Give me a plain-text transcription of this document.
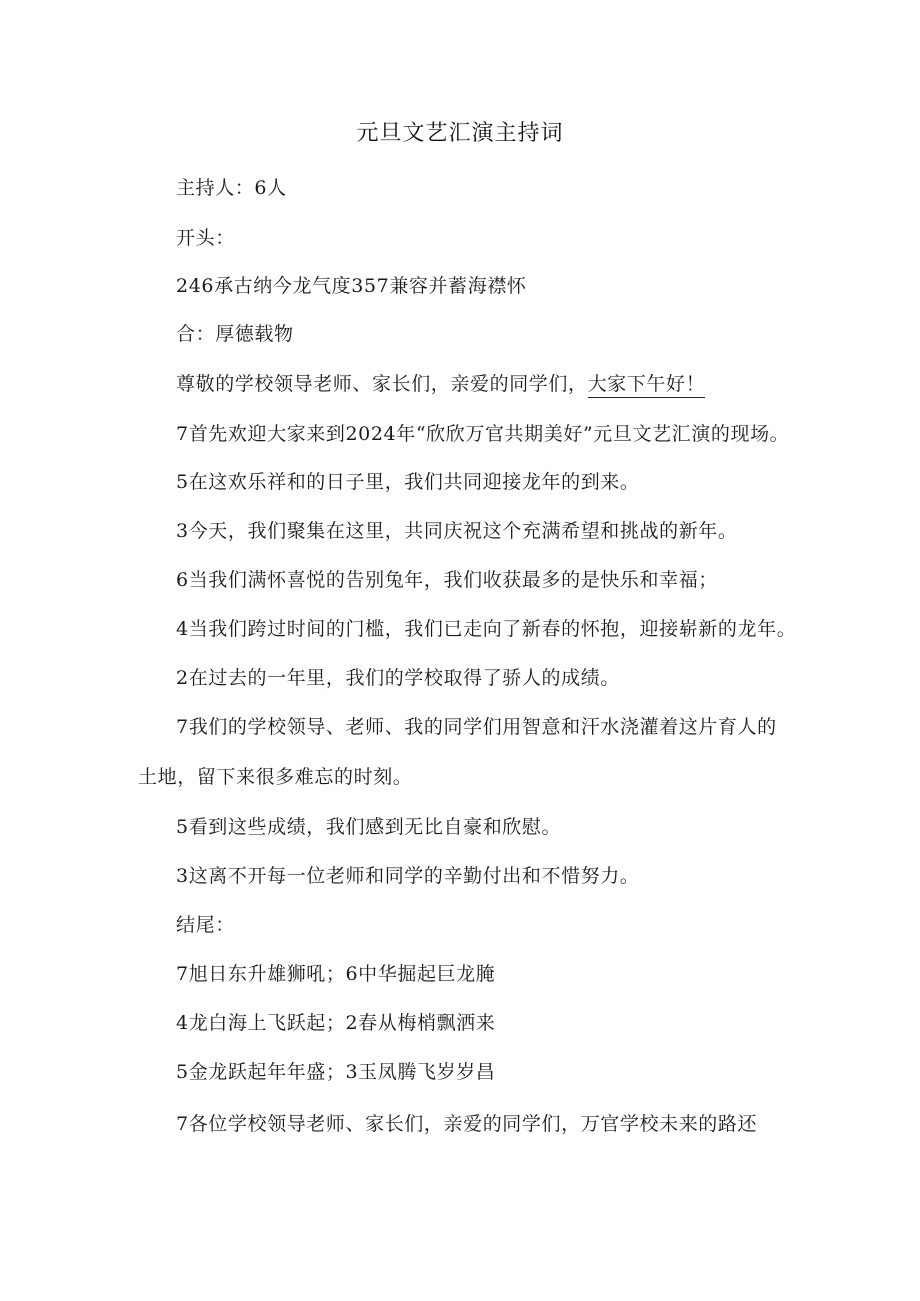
元旦文艺汇演主持词
主持人：6人
开头：
246承古纳今龙气度357兼容并蓄海襟怀
合：厚德载物
尊敬的学校领导老师、家长们，亲爱的同学们，大家下午好！
7首先欢迎大家来到2024年“欣欣万官共期美好”元旦文艺汇演的现场。
5在这欢乐祥和的日子里，我们共同迎接龙年的到来。
3今天，我们聚集在这里，共同庆祝这个充满希望和挑战的新年。
6当我们满怀喜悦的告别兔年，我们收获最多的是快乐和幸福；
4当我们跨过时间的门槛，我们已走向了新春的怀抱，迎接崭新的龙年。
2在过去的一年里，我们的学校取得了骄人的成绩。
7我们的学校领导、老师、我的同学们用智意和汗水浇灌着这片育人的
土地，留下来很多难忘的时刻。
5看到这些成绩，我们感到无比自豪和欣慰。
3这离不开每一位老师和同学的辛勤付出和不惜努力。
结尾：
7旭日东升雄狮吼；6中华掘起巨龙腌
4龙白海上飞跃起；2春从梅梢飘洒来
5金龙跃起年年盛；3玉凤腾飞岁岁昌
7各位学校领导老师、家长们，亲爱的同学们，万官学校未来的路还
